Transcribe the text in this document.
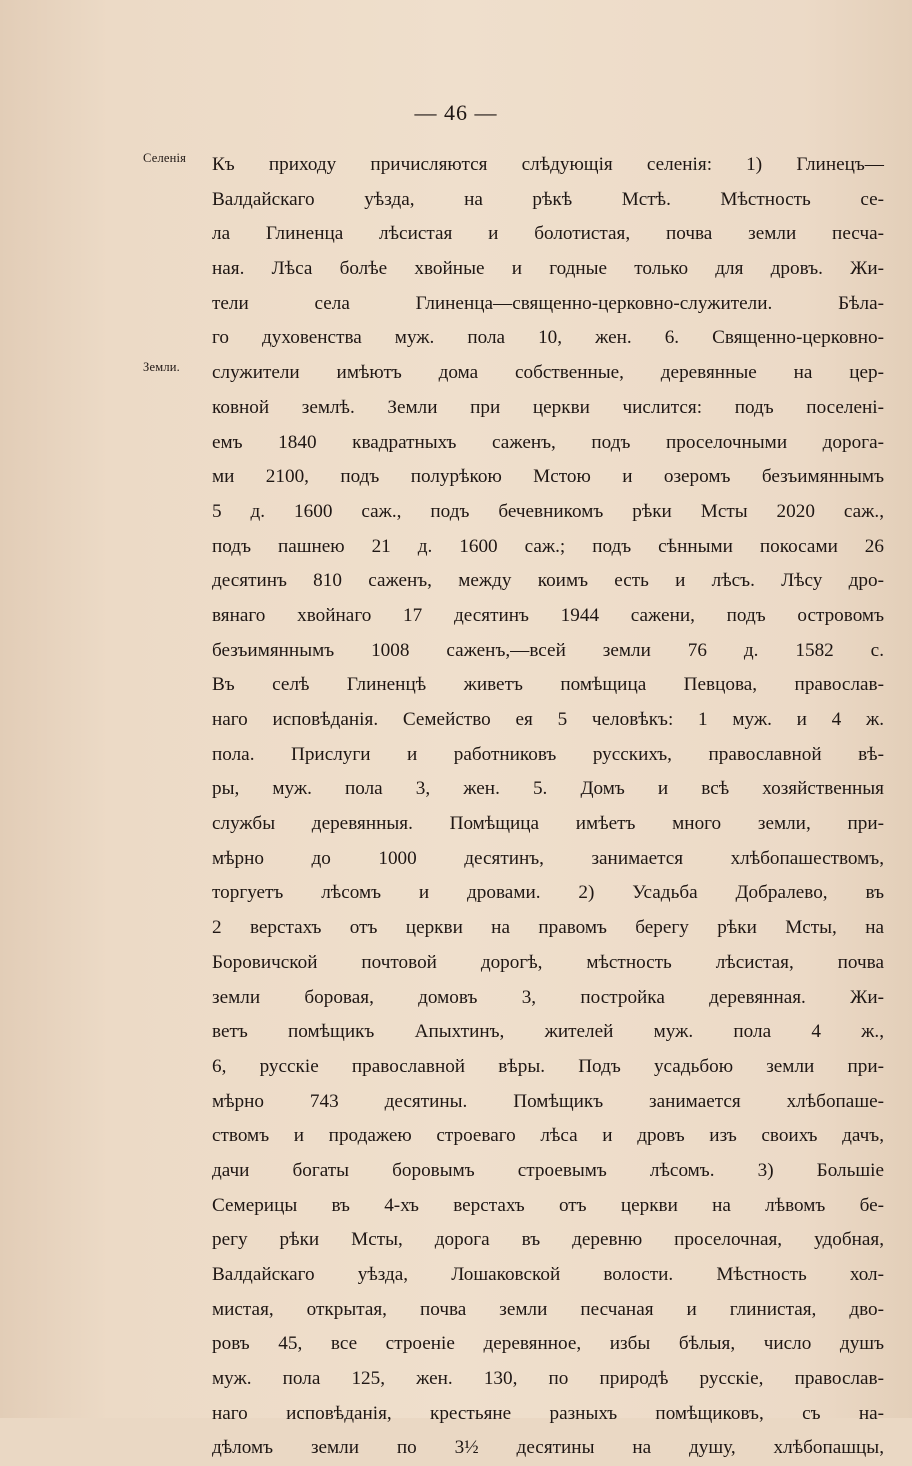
— 46 —
Селенія
Земли.
Къ приходу причисляются слѣдующія селенія: 1) Глинецъ—
Валдайскаго уѣзда, на рѣкѣ Мстѣ. Мѣстность се-
ла Глиненца лѣсистая и болотистая, почва земли песча-
ная. Лѣса болѣе хвойные и годные только для дровъ. Жи-
тели села Глиненца—священно-церковно-служители. Бѣла-
го духовенства муж. пола 10, жен. 6. Священно-церковно-
служители имѣютъ дома собственные, деревянные на цер-
ковной землѣ. Земли при церкви числится: подъ поселені-
емъ 1840 квадратныхъ саженъ, подъ проселочными дорога-
ми 2100, подъ полурѣкою Мстою и озеромъ безъимяннымъ
5 д. 1600 саж., подъ бечевникомъ рѣки Мсты 2020 саж.,
подъ пашнею 21 д. 1600 саж.; подъ сѣнными покосами 26
десятинъ 810 саженъ, между коимъ есть и лѣсъ. Лѣсу дро-
вянаго хвойнаго 17 десятинъ 1944 сажени, подъ островомъ
безъимяннымъ 1008 саженъ,—всей земли 76 д. 1582 с.
Въ селѣ Глиненцѣ живетъ помѣщица Певцова, православ-
наго исповѣданія. Семейство ея 5 человѣкъ: 1 муж. и 4 ж.
пола. Прислуги и работниковъ русскихъ, православной вѣ-
ры, муж. пола 3, жен. 5. Домъ и всѣ хозяйственныя
службы деревянныя. Помѣщица имѣетъ много земли, при-
мѣрно до 1000 десятинъ, занимается хлѣбопашествомъ,
торгуетъ лѣсомъ и дровами. 2) Усадьба Добралево, въ
2 верстахъ отъ церкви на правомъ берегу рѣки Мсты, на
Боровичской почтовой дорогѣ, мѣстность лѣсистая, почва
земли боровая, домовъ 3, постройка деревянная. Жи-
ветъ помѣщикъ Апыхтинъ, жителей муж. пола 4 ж.,
6, русскіе православной вѣры. Подъ усадьбою земли при-
мѣрно 743 десятины. Помѣщикъ занимается хлѣбопаше-
ствомъ и продажею строеваго лѣса и дровъ изъ своихъ дачъ,
дачи богаты боровымъ строевымъ лѣсомъ. 3) Большіе
Семерицы въ 4-хъ верстахъ отъ церкви на лѣвомъ бе-
регу рѣки Мсты, дорога въ деревню проселочная, удобная,
Валдайскаго уѣзда, Лошаковской волости. Мѣстность хол-
мистая, открытая, почва земли песчаная и глинистая, дво-
ровъ 45, все строеніе деревянное, избы бѣлыя, число душъ
муж. пола 125, жен. 130, по природѣ русскіе, православ-
наго исповѣданія, крестьяне разныхъ помѣщиковъ, съ на-
дѣломъ земли по 3½ десятины на душу, хлѣбопашцы,
